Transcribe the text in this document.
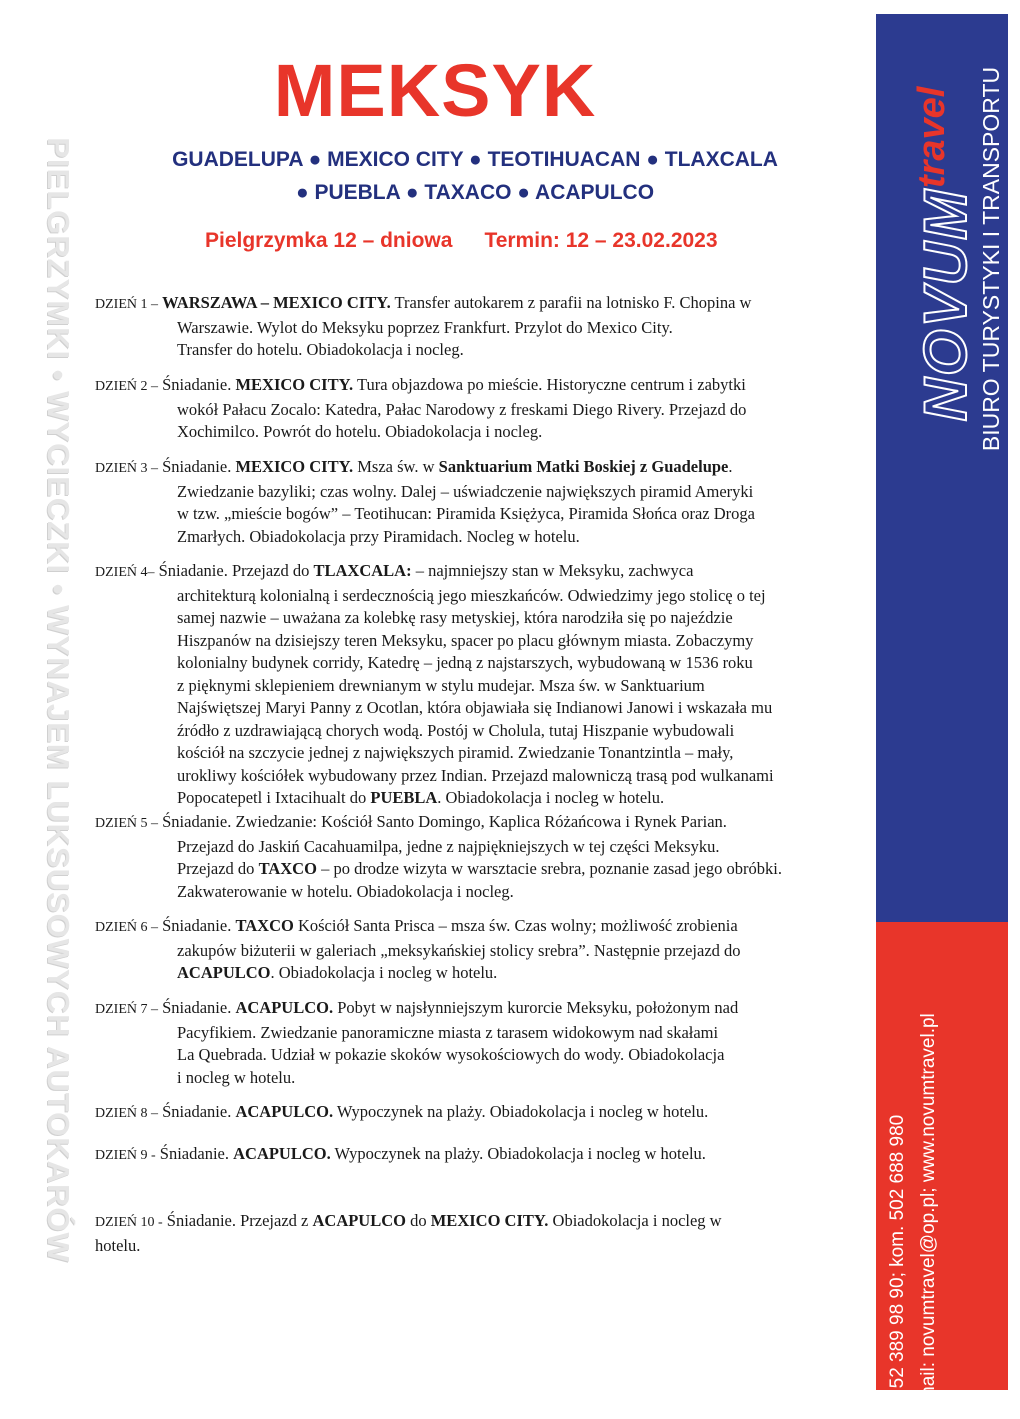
PIELGRZYMKI • WYCIECZKI • WYNAJEM LUKSUSOWYCH AUTOKARÓW	NOVUMtravel	BIURO TURYSTYKI I TRANSPORTU
89-410 Więcbork, ul. Gdańska 13 tel. 52 389 98 90; kom. 502 688 980 e-mail: novumtravel@op.pl; www.novumtravel.pl
MEKSYK
GUADELUPA ● MEXICO CITY ● TEOTIHUACAN ● TLAXCALA
● PUEBLA ● TAXACO ● ACAPULCO
Pielgrzymka 12 – dniowa Termin: 12 – 23.02.2023
DZIEŃ 1 – WARSZAWA – MEXICO CITY. Transfer autokarem z parafii na lotnisko F. Chopina w
Warszawie. Wylot do Meksyku poprzez Frankfurt. Przylot do Mexico City.
Transfer do hotelu. Obiadokolacja i nocleg.
DZIEŃ 2 – Śniadanie. MEXICO CITY. Tura objazdowa po mieście. Historyczne centrum i zabytki
wokół Pałacu Zocalo: Katedra, Pałac Narodowy z freskami Diego Rivery. Przejazd do
Xochimilco. Powrót do hotelu. Obiadokolacja i nocleg.
DZIEŃ 3 – Śniadanie. MEXICO CITY. Msza św. w Sanktuarium Matki Boskiej z Guadelupe.
Zwiedzanie bazyliki; czas wolny. Dalej – uświadczenie największych piramid Ameryki
w tzw. „mieście bogów” – Teotihucan: Piramida Księżyca, Piramida Słońca oraz Droga
Zmarłych. Obiadokolacja przy Piramidach. Nocleg w hotelu.
DZIEŃ 4– Śniadanie. Przejazd do TLAXCALA: – najmniejszy stan w Meksyku, zachwyca
architekturą kolonialną i serdecznością jego mieszkańców. Odwiedzimy jego stolicę o tej
samej nazwie – uważana za kolebkę rasy metyskiej, która narodziła się po najeździe
Hiszpanów na dzisiejszy teren Meksyku, spacer po placu głównym miasta. Zobaczymy
kolonialny budynek corridy, Katedrę – jedną z najstarszych, wybudowaną w 1536 roku
z pięknymi sklepieniem drewnianym w stylu mudejar. Msza św. w Sanktuarium
Najświętszej Maryi Panny z Ocotlan, która objawiała się Indianowi Janowi i wskazała mu
źródło z uzdrawiającą chorych wodą. Postój w Cholula, tutaj Hiszpanie wybudowali
kościół na szczycie jednej z największych piramid. Zwiedzanie Tonantzintla – mały,
urokliwy kościółek wybudowany przez Indian. Przejazd malowniczą trasą pod wulkanami
Popocatepetl i Ixtacihualt do PUEBLA. Obiadokolacja i nocleg w hotelu.
DZIEŃ 5 – Śniadanie. Zwiedzanie: Kościół Santo Domingo, Kaplica Różańcowa i Rynek Parian.
Przejazd do Jaskiń Cacahuamilpa, jedne z najpiękniejszych w tej części Meksyku.
Przejazd do TAXCO – po drodze wizyta w warsztacie srebra, poznanie zasad jego obróbki.
Zakwaterowanie w hotelu. Obiadokolacja i nocleg.
DZIEŃ 6 – Śniadanie. TAXCO Kościół Santa Prisca – msza św. Czas wolny; możliwość zrobienia
zakupów biżuterii w galeriach „meksykańskiej stolicy srebra”. Następnie przejazd do
ACAPULCO. Obiadokolacja i nocleg w hotelu.
DZIEŃ 7 – Śniadanie. ACAPULCO. Pobyt w najsłynniejszym kurorcie Meksyku, położonym nad
Pacyfikiem. Zwiedzanie panoramiczne miasta z tarasem widokowym nad skałami
La Quebrada. Udział w pokazie skoków wysokościowych do wody. Obiadokolacja
i nocleg w hotelu.
DZIEŃ 8 – Śniadanie. ACAPULCO. Wypoczynek na plaży. Obiadokolacja i nocleg w hotelu.
DZIEŃ 9 - Śniadanie. ACAPULCO. Wypoczynek na plaży. Obiadokolacja i nocleg w hotelu.
DZIEŃ 10 - Śniadanie. Przejazd z ACAPULCO do MEXICO CITY. Obiadokolacja i nocleg w
hotelu.
